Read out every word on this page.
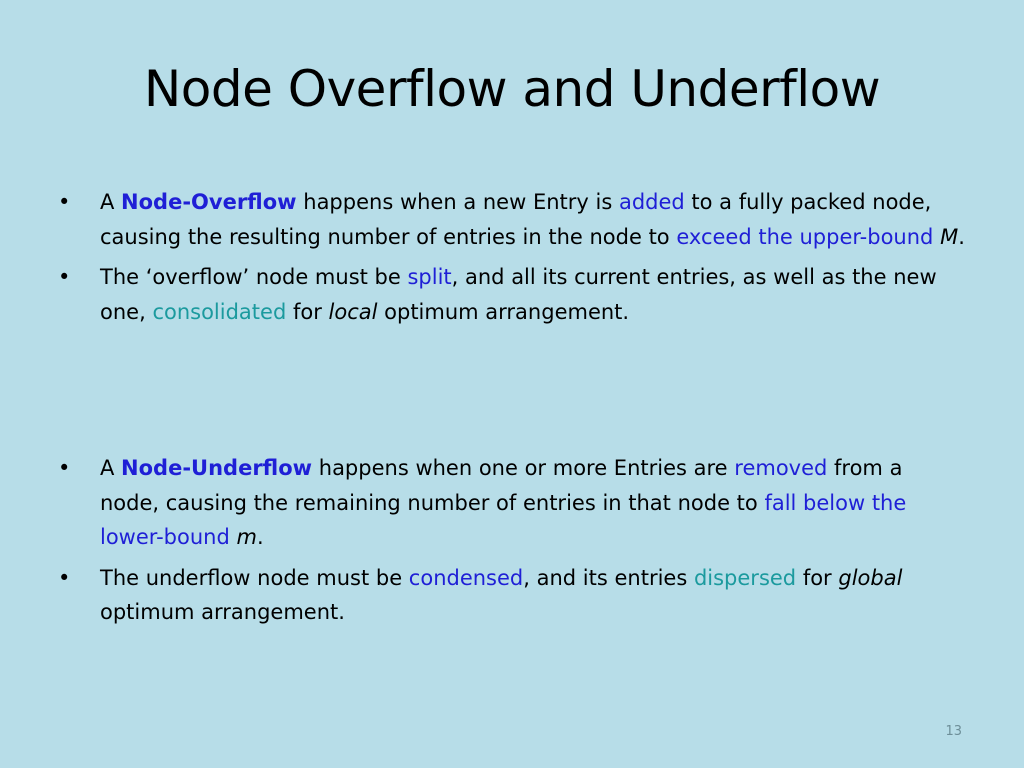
Node Overflow and Underflow
• A Node-Overflow happens when a new Entry is added to a fully packed node, causing the resulting number of entries in the node to exceed the upper-bound M.
• The ‘overflow’ node must be split, and all its current entries, as well as the new one, consolidated for local optimum arrangement.
• A Node-Underflow happens when one or more Entries are removed from a node, causing the remaining number of entries in that node to fall below the lower-bound m.
• The underflow node must be condensed, and its entries dispersed for global optimum arrangement.
13
